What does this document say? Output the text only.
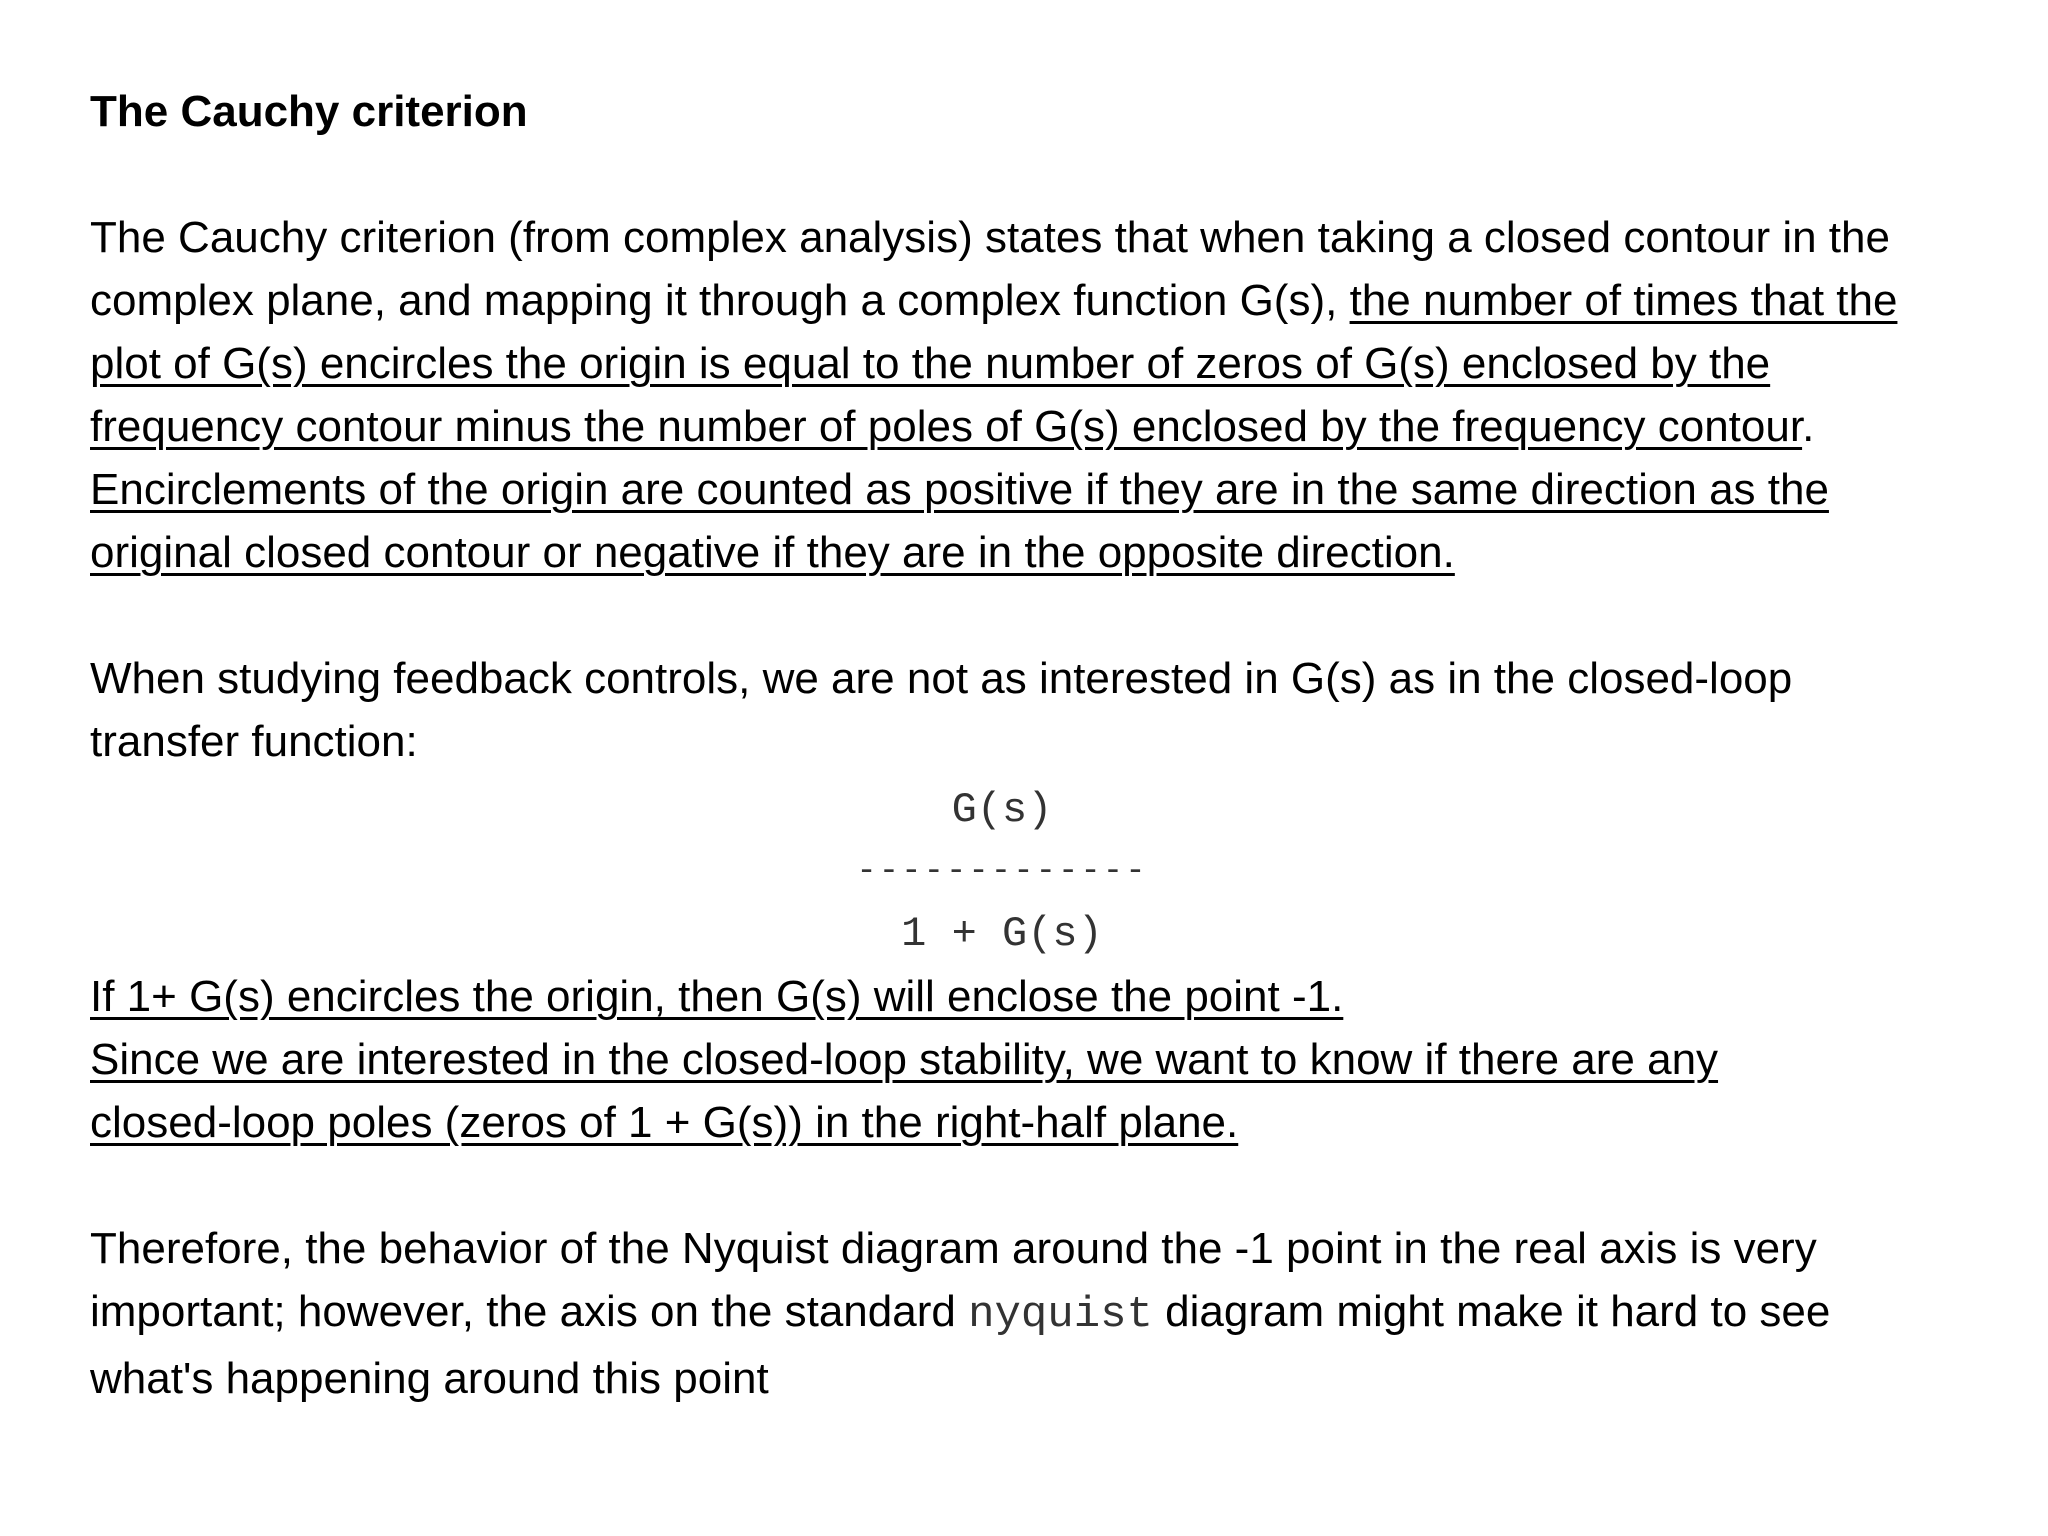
The Cauchy criterion

The Cauchy criterion (from complex analysis) states that when taking a closed contour in the complex plane, and mapping it through a complex function G(s), the number of times that the plot of G(s) encircles the origin is equal to the number of zeros of G(s) enclosed by the frequency contour minus the number of poles of G(s) enclosed by the frequency contour. Encirclements of the origin are counted as positive if they are in the same direction as the original closed contour or negative if they are in the opposite direction.

When studying feedback controls, we are not as interested in G(s) as in the closed-loop transfer function:

G(s)
-------------
1 + G(s)

If 1+ G(s) encircles the origin, then G(s) will enclose the point -1.

Since we are interested in the closed-loop stability, we want to know if there are any closed-loop poles (zeros of 1 + G(s)) in the right-half plane.

Therefore, the behavior of the Nyquist diagram around the -1 point in the real axis is very important; however, the axis on the standard nyquist diagram might make it hard to see what's happening around this point
